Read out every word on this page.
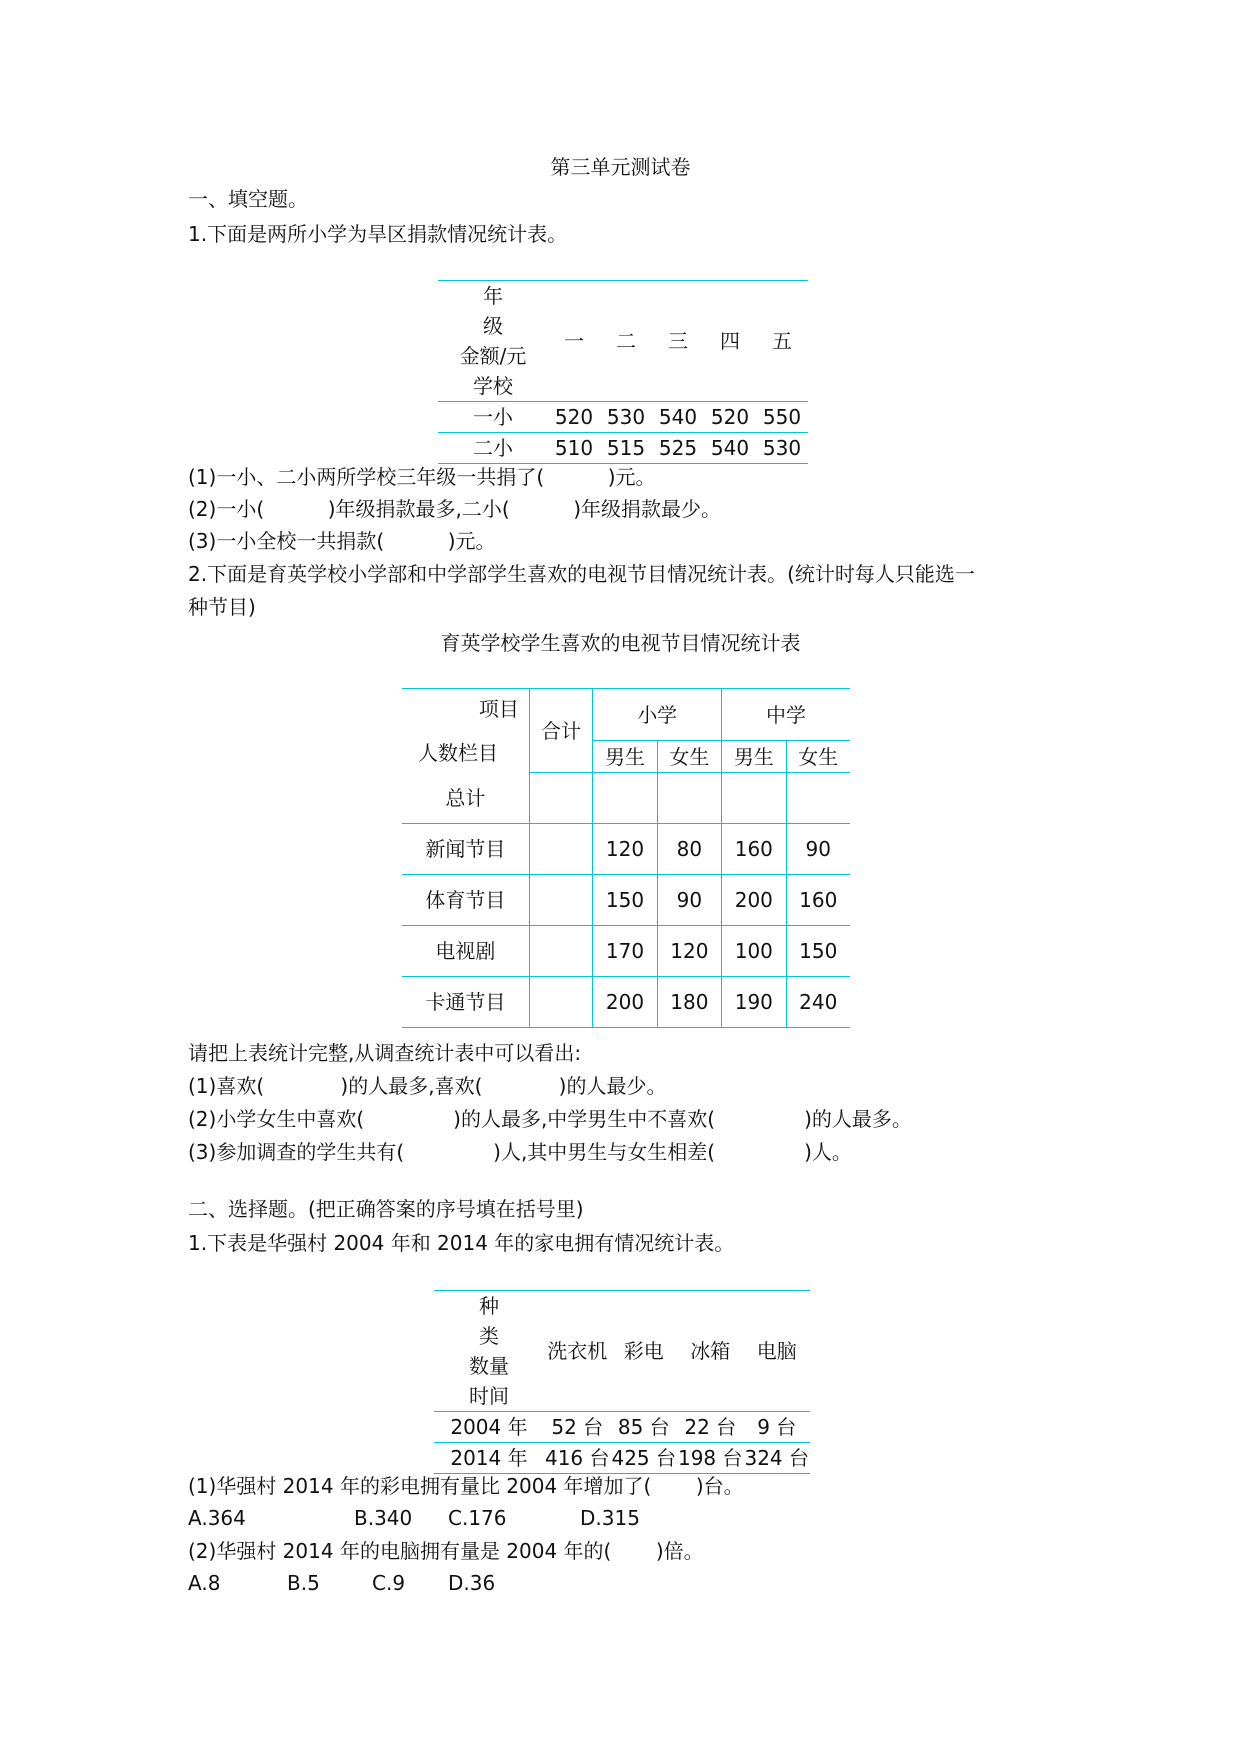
第三单元测试卷
一、填空题。
1.下面是两所小学为旱区捐款情况统计表。
年
级
金额/元
学校	一	二	三	四	五
一小	520	530	540	520	550
二小	510	515	525	540	530
(1)一小、二小两所学校三年级一共捐了(          )元。
(2)一小(          )年级捐款最多,二小(          )年级捐款最少。
(3)一小全校一共捐款(          )元。
2.下面是育英学校小学部和中学部学生喜欢的电视节目情况统计表。(统计时每人只能选一
种节目)
育英学校学生喜欢的电视节目情况统计表
项目
人数栏目	合计	小学		中学	
		男生	女生	男生	女生
总计					
新闻节目		120	80	160	90
体育节目		150	90	200	160
电视剧		170	120	100	150
卡通节目		200	180	190	240
请把上表统计完整,从调查统计表中可以看出:
(1)喜欢(            )的人最多,喜欢(            )的人最少。
(2)小学女生中喜欢(              )的人最多,中学男生中不喜欢(              )的人最多。
(3)参加调查的学生共有(              )人,其中男生与女生相差(              )人。
二、选择题。(把正确答案的序号填在括号里)
1.下表是华强村 2004 年和 2014 年的家电拥有情况统计表。
种
类
数量
时间	洗衣机	彩电	冰箱	电脑
2004 年	52 台	85 台	22 台	9 台
2014 年	416 台	425 台	198 台	324 台
(1)华强村 2014 年的彩电拥有量比 2004 年增加了(       )台。
A.364	B.340 C.176	D.315
(2)华强村 2014 年的电脑拥有量是 2004 年的(       )倍。
A.8	B.5	C.9 D.36
